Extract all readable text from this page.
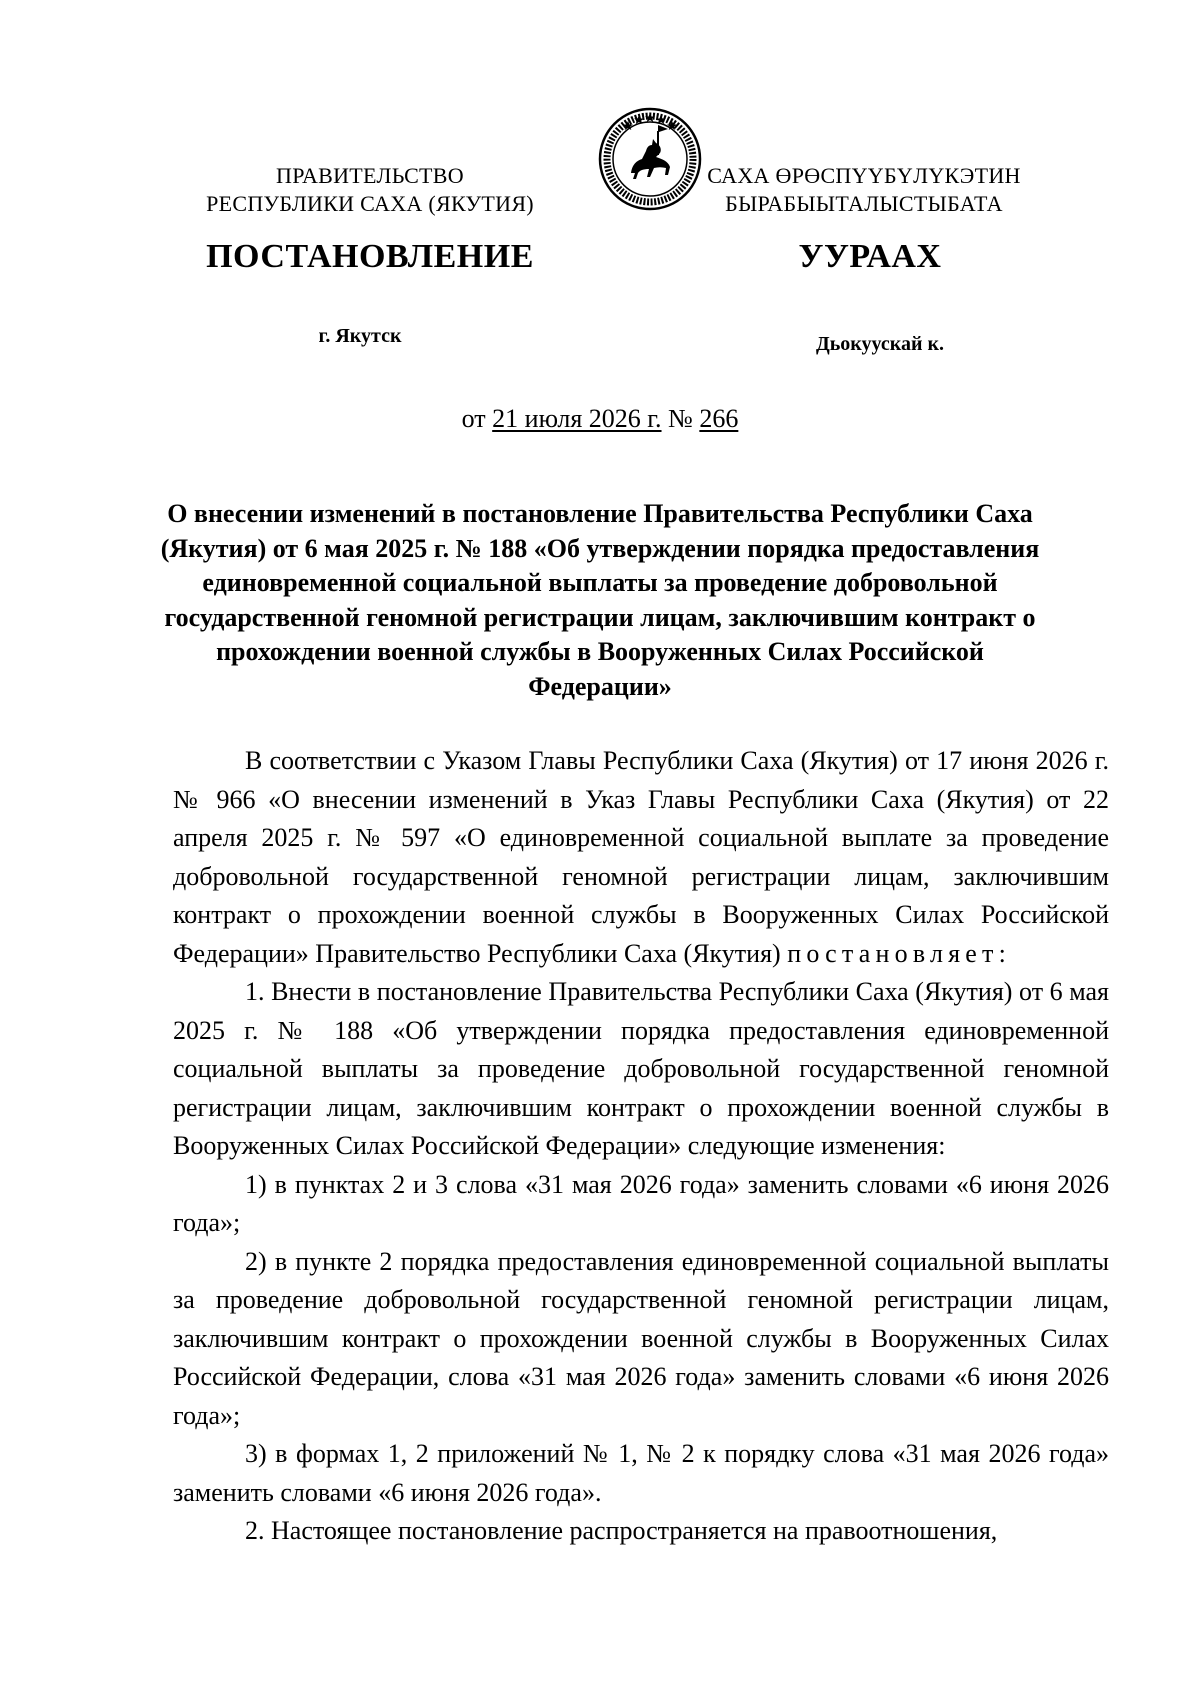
ПРАВИТЕЛЬСТВО
РЕСПУБЛИКИ САХА (ЯКУТИЯ)
САХА ӨРӨСПҮҮБҮЛҮКЭТИН
БЫРАБЫЫТАЛЫСТЫБАТА
ПОСТАНОВЛЕНИЕ	УУРААХ
г. Якутск	Дьокуускай к.
от 21 июля 2026 г. № 266
О внесении изменений в постановление Правительства Республики Саха (Якутия) от 6 мая 2025 г. № 188 «Об утверждении порядка предоставления единовременной социальной выплаты за проведение добровольной государственной геномной регистрации лицам, заключившим контракт о прохождении военной службы в Вооруженных Силах Российской Федерации»

В соответствии с Указом Главы Республики Саха (Якутия) от 17 июня 2026 г. № 966 «О внесении изменений в Указ Главы Республики Саха (Якутия) от 22 апреля 2025 г. № 597 «О единовременной социальной выплате за проведение добровольной государственной геномной регистрации лицам, заключившим контракт о прохождении военной службы в Вооруженных Силах Российской Федерации» Правительство Республики Саха (Якутия) постановляет:

1. Внести в постановление Правительства Республики Саха (Якутия) от 6 мая 2025 г. № 188 «Об утверждении порядка предоставления единовременной социальной выплаты за проведение добровольной государственной геномной регистрации лицам, заключившим контракт о прохождении военной службы в Вооруженных Силах Российской Федерации» следующие изменения:

1) в пунктах 2 и 3 слова «31 мая 2026 года» заменить словами «6 июня 2026 года»;

2) в пункте 2 порядка предоставления единовременной социальной выплаты за проведение добровольной государственной геномной регистрации лицам, заключившим контракт о прохождении военной службы в Вооруженных Силах Российской Федерации, слова «31 мая 2026 года» заменить словами «6 июня 2026 года»;

3) в формах 1, 2 приложений № 1, № 2 к порядку слова «31 мая 2026 года» заменить словами «6 июня 2026 года».

2. Настоящее постановление распространяется на правоотношения,
